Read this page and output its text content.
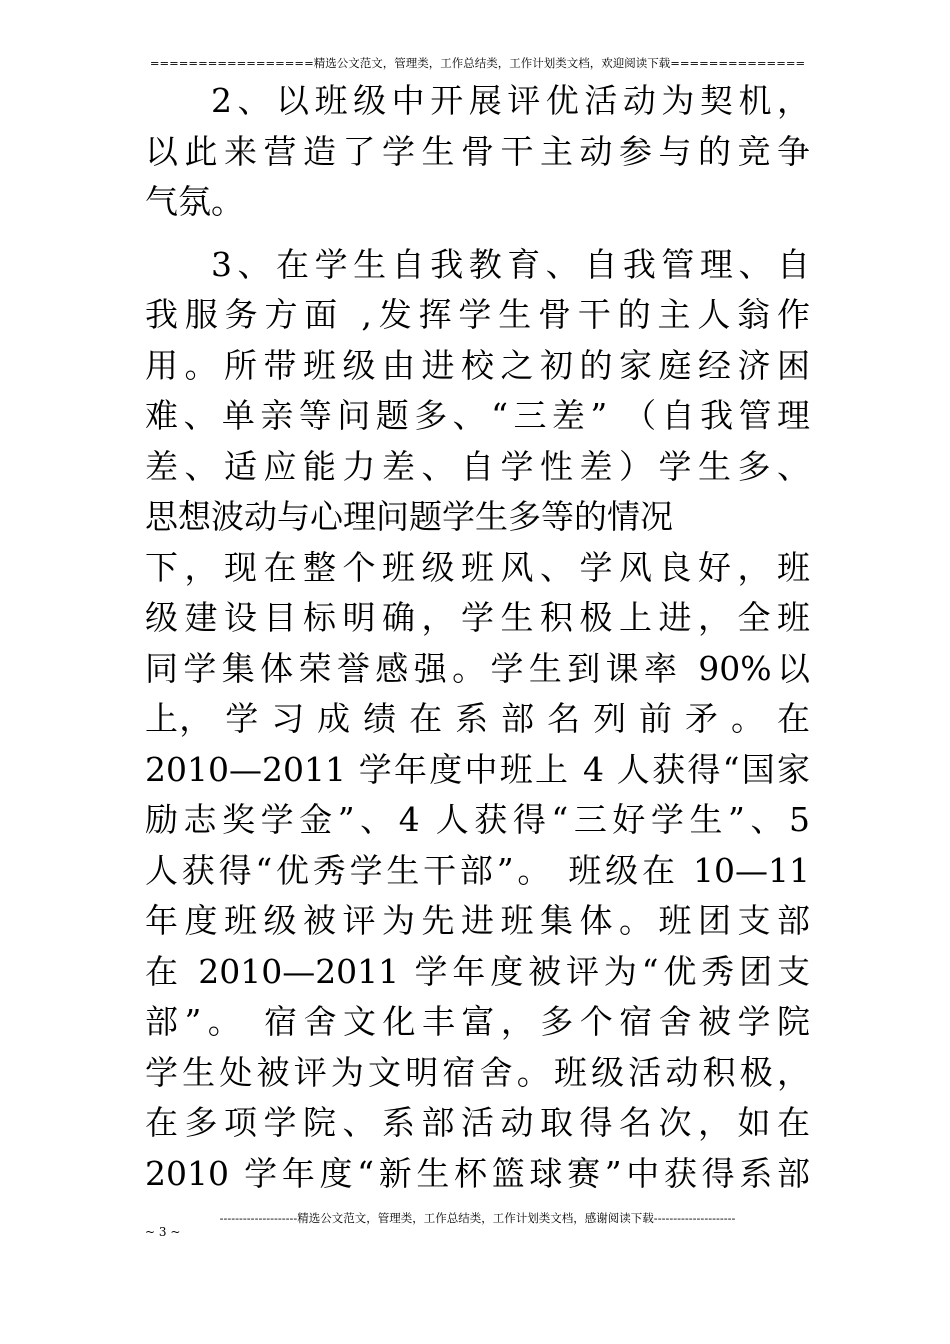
=================精选公文范文，管理类，工作总结类，工作计划类文档，欢迎阅读下载==============
2、以班级中开展评优活动为契机，
以此来营造了学生骨干主动参与的竞争
气氛。
3、在学生自我教育、自我管理、自
我服务方面 ,发挥学生骨干的主人翁作
用。所带班级由进校之初的家庭经济困
难、单亲等问题多、“三差” （自我管理
差、适应能力差、自学性差）学生多、
思想波动与心理问题学生多等的情况
下，现在整个班级班风、学风良好，班
级建设目标明确，学生积极上进，全班
同学集体荣誉感强。学生到课率 90%以
上， 学 习 成 绩 在 系 部 名 列 前 矛 。 在
2010—2011 学年度中班上 4 人获得“国家
励志奖学金”、4 人获得“三好学生”、5
人获得“优秀学生干部”。 班级在 10—11
年度班级被评为先进班集体。班团支部
在 2010—2011 学年度被评为“优秀团支
部”。 宿舍文化丰富，多个宿舍被学院
学生处被评为文明宿舍。班级活动积极，
在多项学院、系部活动取得名次，如在
2010 学年度“新生杯篮球赛”中获得系部
--------------------精选公文范文，管理类，工作总结类，工作计划类文档，感谢阅读下载---------------------
~ 3 ~
